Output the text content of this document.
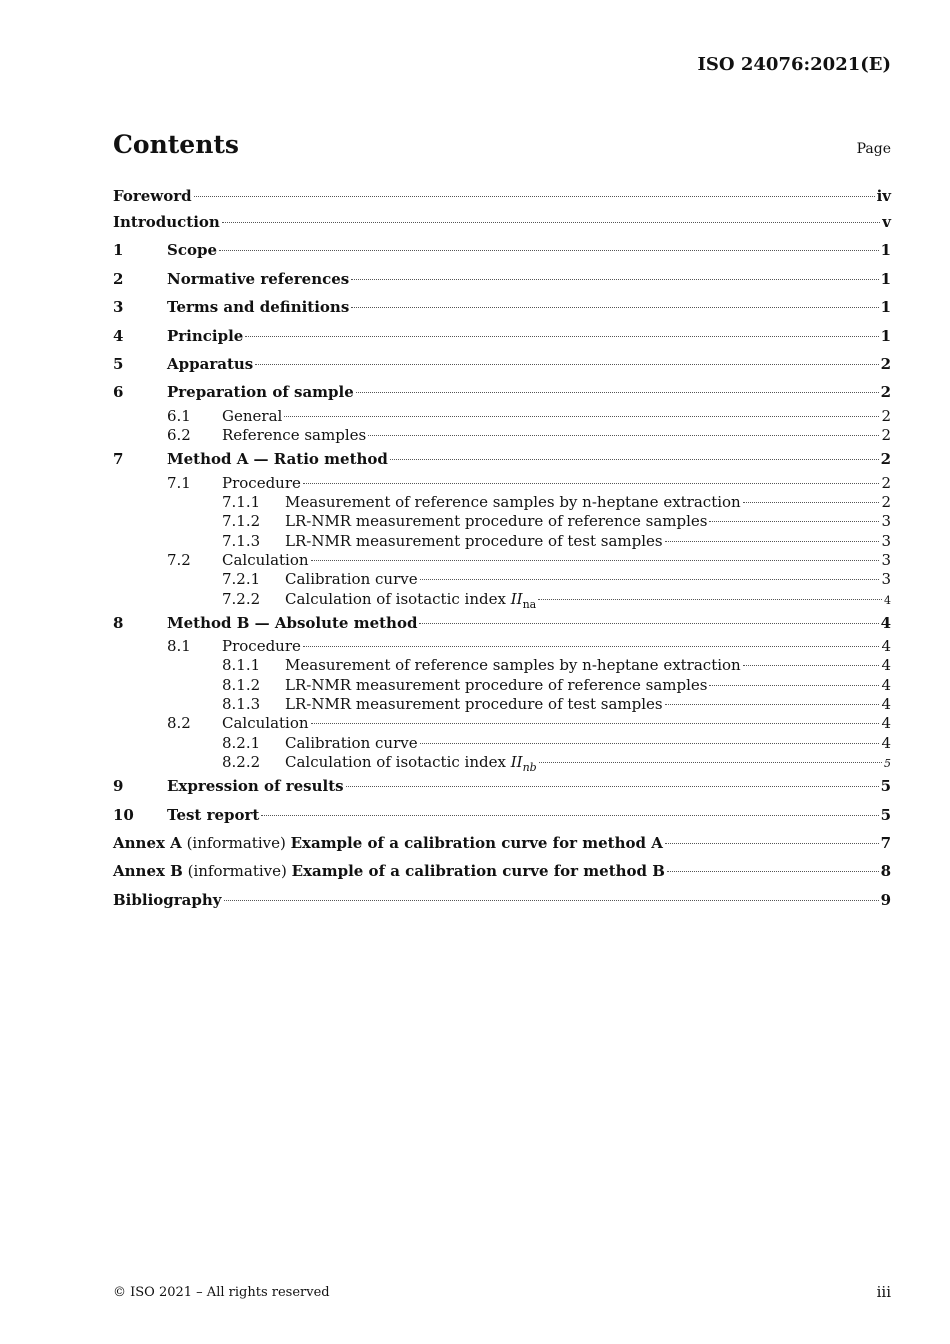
ISO 24076:2021(E)
Contents	Page
Foreword	iv
Introduction	v
1	Scope	1
2	Normative references	1
3	Terms and definitions	1
4	Principle	1
5	Apparatus	2
6	Preparation of sample	2
6.1	General	2
6.2	Reference samples	2
7	Method A — Ratio method	2
7.1	Procedure	2
7.1.1	Measurement of reference samples by n-heptane extraction	2
7.1.2	LR-NMR measurement procedure of reference samples	3
7.1.3	LR-NMR measurement procedure of test samples	3
7.2	Calculation	3
7.2.1	Calibration curve	3
7.2.2	Calculation of isotactic index $II_{na}$	4
8	Method B — Absolute method	4
8.1	Procedure	4
8.1.1	Measurement of reference samples by n-heptane extraction	4
8.1.2	LR-NMR measurement procedure of reference samples	4
8.1.3	LR-NMR measurement procedure of test samples	4
8.2	Calculation	4
8.2.1	Calibration curve	4
8.2.2	Calculation of isotactic index $II_{nb}$	5
9	Expression of results	5
10	Test report	5
Annex A (informative) Example of a calibration curve for method A	7
Annex B (informative) Example of a calibration curve for method B	8
Bibliography	9
© ISO 2021 – All rights reserved	iii
